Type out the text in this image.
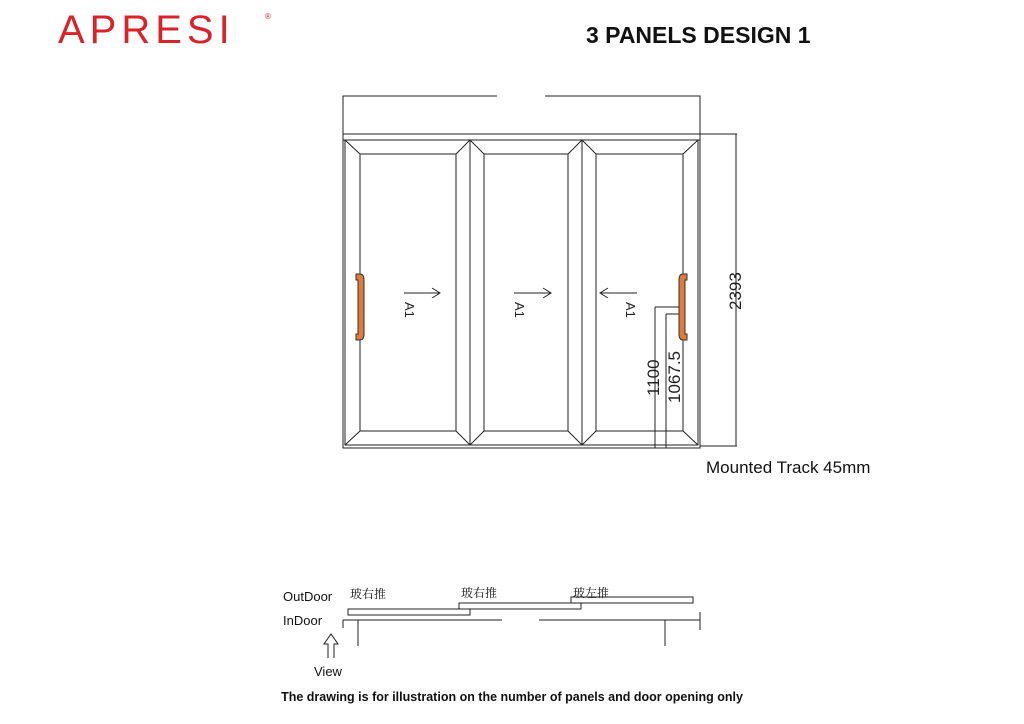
APRESI	®
3 PANELS DESIGN 1
A1	A1	A1	2393
1100 1067.5
Mounted Track 45mm
OutDoor
InDoor
View
玻右推	玻右推	玻左推
The drawing is for illustration on the number of panels and door opening only
